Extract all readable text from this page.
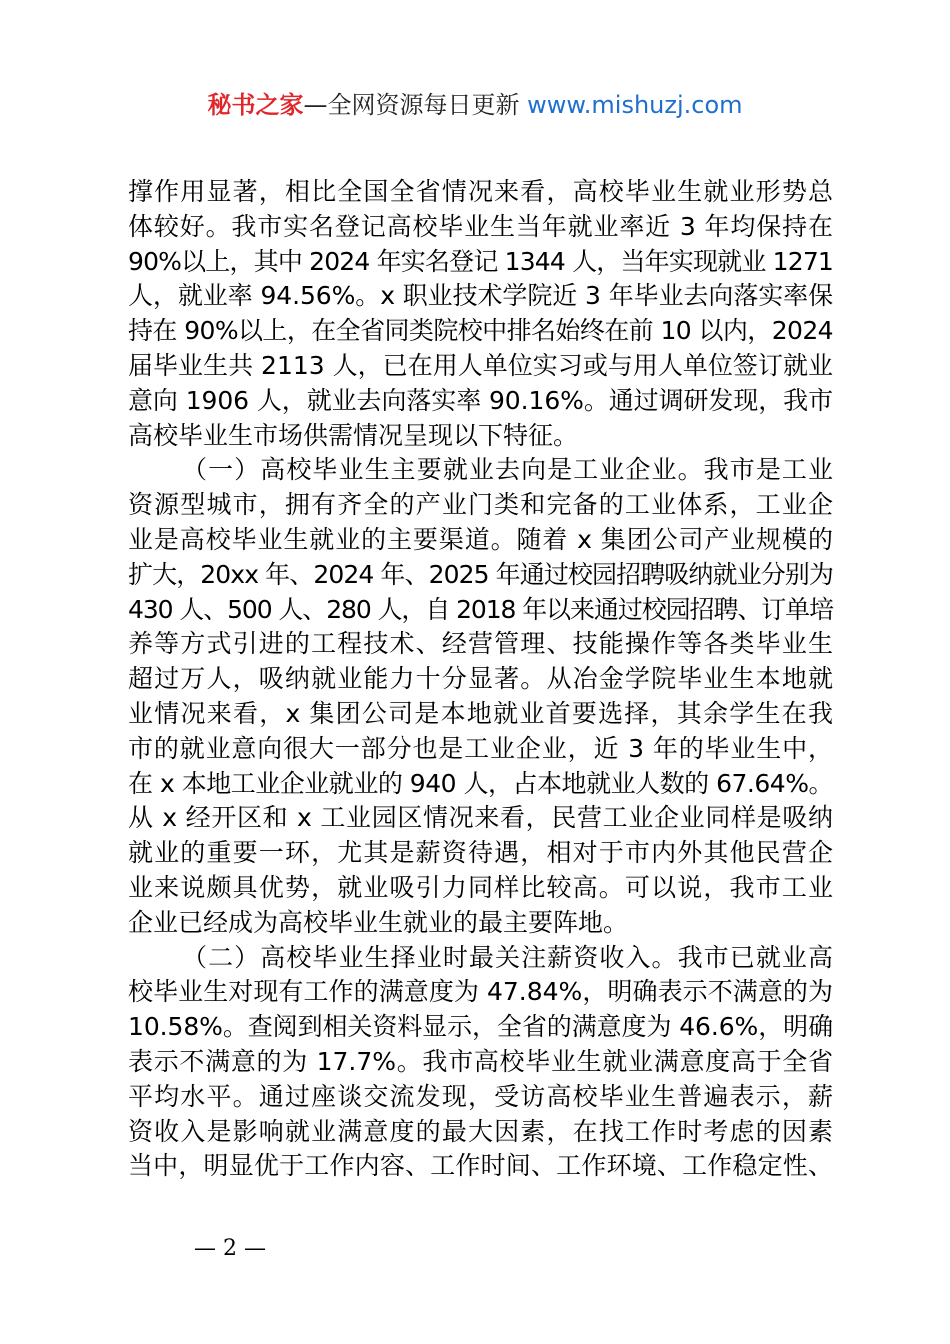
秘书之家—全网资源每日更新 www.mishuzj.com
撑作用显著，相比全国全省情况来看，高校毕业生就业形势总
体较好。我市实名登记高校毕业生当年就业率近 3 年均保持在
90%以上，其中 2024 年实名登记 1344 人，当年实现就业 1271
人，就业率 94.56%。x 职业技术学院近 3 年毕业去向落实率保
持在 90%以上，在全省同类院校中排名始终在前 10 以内，2024
届毕业生共 2113 人，已在用人单位实习或与用人单位签订就业
意向 1906 人，就业去向落实率 90.16%。通过调研发现，我市
高校毕业生市场供需情况呈现以下特征。
（一）高校毕业生主要就业去向是工业企业。我市是工业
资源型城市，拥有齐全的产业门类和完备的工业体系，工业企
业是高校毕业生就业的主要渠道。随着 x 集团公司产业规模的
扩大，20xx 年、2024 年、2025 年通过校园招聘吸纳就业分别为
430 人、500 人、280 人，自 2018 年以来通过校园招聘、订单培
养等方式引进的工程技术、经营管理、技能操作等各类毕业生
超过万人，吸纳就业能力十分显著。从冶金学院毕业生本地就
业情况来看，x 集团公司是本地就业首要选择，其余学生在我
市的就业意向很大一部分也是工业企业，近 3 年的毕业生中，
在 x 本地工业企业就业的 940 人，占本地就业人数的 67.64%。
从 x 经开区和 x 工业园区情况来看，民营工业企业同样是吸纳
就业的重要一环，尤其是薪资待遇，相对于市内外其他民营企
业来说颇具优势，就业吸引力同样比较高。可以说，我市工业
企业已经成为高校毕业生就业的最主要阵地。
（二）高校毕业生择业时最关注薪资收入。我市已就业高
校毕业生对现有工作的满意度为 47.84%，明确表示不满意的为
10.58%。查阅到相关资料显示，全省的满意度为 46.6%，明确
表示不满意的为 17.7%。我市高校毕业生就业满意度高于全省
平均水平。通过座谈交流发现，受访高校毕业生普遍表示，薪
资收入是影响就业满意度的最大因素，在找工作时考虑的因素
当中，明显优于工作内容、工作时间、工作环境、工作稳定性、
— 2 —
